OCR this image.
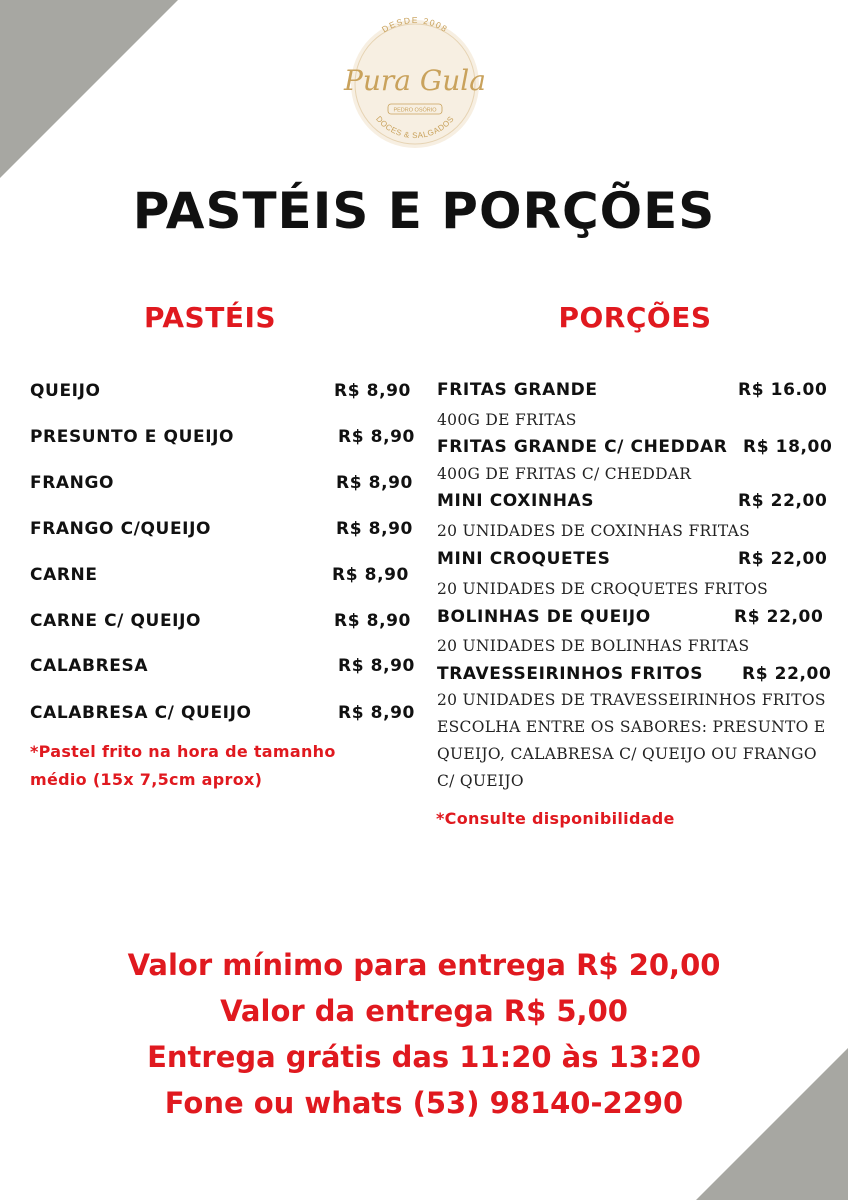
DESDE 2008
Pura Gula
PEDRO OSÓRIO
DOCES & SALGADOS
PASTÉIS E PORÇÕES
PASTÉIS	PORÇÕES
QUEIJO	R$ 8,90
PRESUNTO E QUEIJO	R$ 8,90
FRANGO	R$ 8,90
FRANGO C/QUEIJO	R$ 8,90
CARNE	R$ 8,90
CARNE C/ QUEIJO	R$ 8,90
CALABRESA	R$ 8,90
CALABRESA C/ QUEIJO	R$ 8,90
*Pastel frito na hora de tamanho
médio (15x 7,5cm aprox)
FRITAS GRANDE	R$ 16.00
400G DE FRITAS
FRITAS GRANDE C/ CHEDDAR R$ 18,00
400G DE FRITAS C/ CHEDDAR
MINI COXINHAS	R$ 22,00
20 UNIDADES DE COXINHAS FRITAS
MINI CROQUETES	R$ 22,00
20 UNIDADES DE CROQUETES FRITOS
BOLINHAS DE QUEIJO	R$ 22,00
20 UNIDADES DE BOLINHAS FRITAS
TRAVESSEIRINHOS FRITOS R$ 22,00
20 UNIDADES DE TRAVESSEIRINHOS FRITOS ESCOLHA ENTRE OS SABORES: PRESUNTO E QUEIJO, CALABRESA C/ QUEIJO OU FRANGO C/ QUEIJO
*Consulte disponibilidade
Valor mínimo para entrega R$ 20,00
Valor da entrega R$ 5,00
Entrega grátis das 11:20 às 13:20
Fone ou whats (53) 98140-2290
